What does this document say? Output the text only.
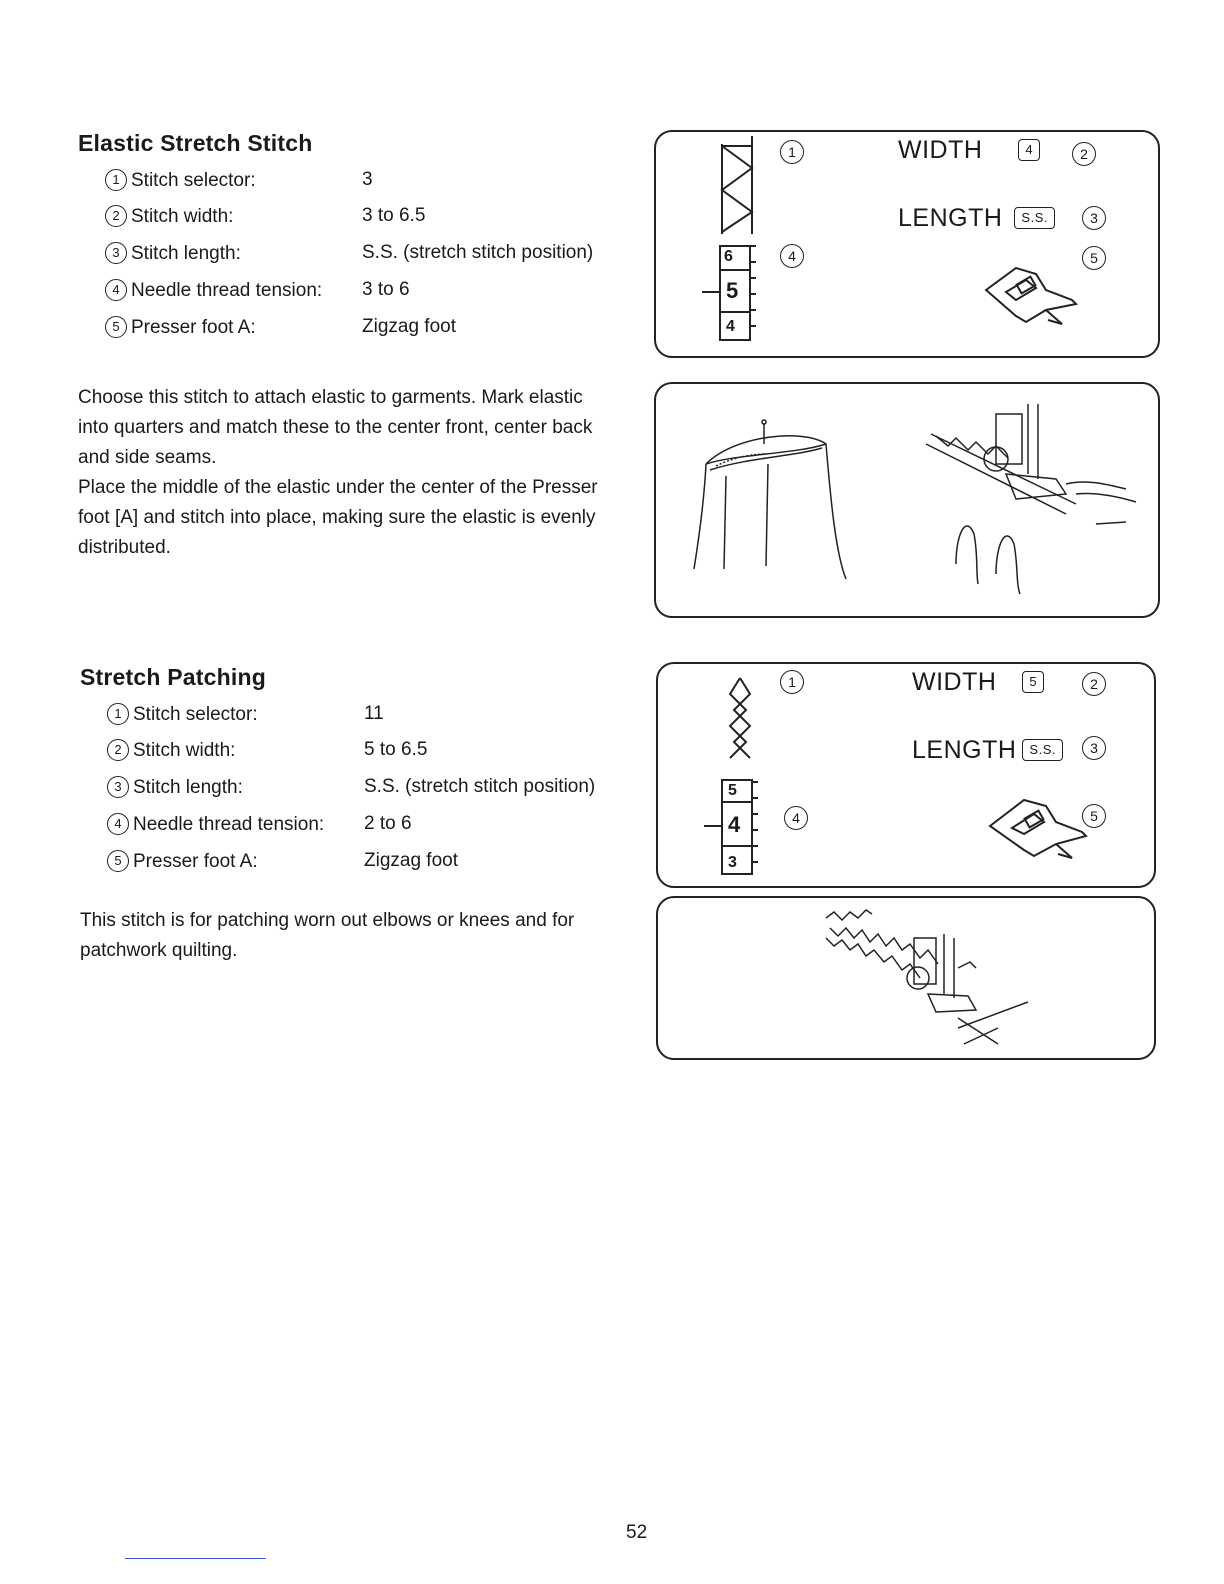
Elastic Stretch Stitch
1 Stitch selector:	3
2 Stitch width:	3 to 6.5
3 Stitch length:	S.S. (stretch stitch position)
4 Needle thread tension: 3 to 6
5 Presser foot A:	Zigzag foot
Choose this stitch to attach elastic to garments. Mark elastic
into quarters and match these to the center front, center back
and side seams.
Place the middle of the elastic under the center of the Presser
foot [A] and stitch into place, making sure the elastic is evenly
distributed.
6
5
4
1
4
WIDTH	4	2
LENGTH S.S.	3
5
Stretch Patching
1 Stitch selector:	11
2 Stitch width:	5 to 6.5
3 Stitch length:	S.S. (stretch stitch position)
4 Needle thread tension: 2 to 6
5 Presser foot A:	Zigzag foot
This stitch is for patching worn out elbows or knees and for
patchwork quilting.
5
4
3
1
4
WIDTH	5	2
LENGTH S.S.	3
5
52
